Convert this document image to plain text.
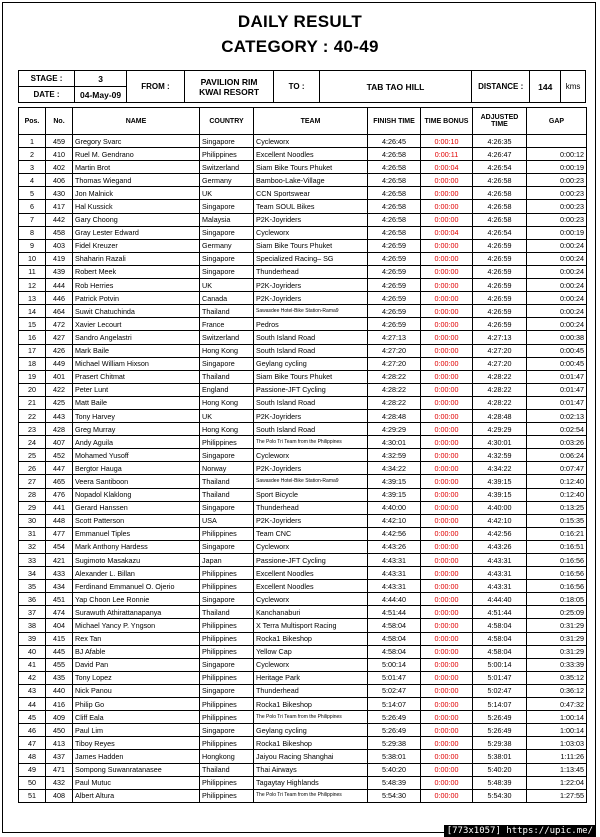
DAILY RESULT
CATEGORY : 40-49
STAGE :	3	FROM :	PAVILION RIM
KWAI RESORT	TO :	TAB TAO HILL	DISTANCE :	144	kms
DATE :	04-May-09							
Pos.	No.	NAME	COUNTRY	TEAM	FINISH TIME	TIME BONUS	ADJUSTED TIME	GAP
1	459	Gregory Svarc	Singapore	Cycleworx	4:26:45	0:00:10	4:26:35	
2	410	Ruel M. Gendrano	Philippines	Excellent Noodles	4:26:58	0:00:11	4:26:47	0:00:12
3	402	Martin Brot	Switzerland	Siam Bike Tours Phuket	4:26:58	0:00:04	4:26:54	0:00:19
4	406	Thomas Wiegand	Germany	Bamboo-Lake-Village	4:26:58	0:00:00	4:26:58	0:00:23
5	430	Jon Malnick	UK	CCN Sportswear	4:26:58	0:00:00	4:26:58	0:00:23
6	417	Hal Kussick	Singapore	Team SOUL Bikes	4:26:58	0:00:00	4:26:58	0:00:23
7	442	Gary Choong	Malaysia	P2K-Joyriders	4:26:58	0:00:00	4:26:58	0:00:23
8	458	Gray Lester Edward	Singapore	Cycleworx	4:26:58	0:00:04	4:26:54	0:00:19
9	403	Fidel Kreuzer	Germany	Siam Bike Tours Phuket	4:26:59	0:00:00	4:26:59	0:00:24
10	419	Shaharin Razali	Singapore	Specialized Racing– SG	4:26:59	0:00:00	4:26:59	0:00:24
11	439	Robert Meek	Singapore	Thunderhead	4:26:59	0:00:00	4:26:59	0:00:24
12	444	Rob Herries	UK	P2K-Joyriders	4:26:59	0:00:00	4:26:59	0:00:24
13	446	Patrick Potvin	Canada	P2K-Joyriders	4:26:59	0:00:00	4:26:59	0:00:24
14	464	Suwit Chatuchinda	Thailand	Sawasdee Hotel-Bike Station-Rama9	4:26:59	0:00:00	4:26:59	0:00:24
15	472	Xavier Lecourt	France	Pedros	4:26:59	0:00:00	4:26:59	0:00:24
16	427	Sandro Angelastri	Switzerland	South Island Road	4:27:13	0:00:00	4:27:13	0:00:38
17	426	Mark Baile	Hong Kong	South Island Road	4:27:20	0:00:00	4:27:20	0:00:45
18	449	Michael William Hixson	Singapore	Geylang cycling	4:27:20	0:00:00	4:27:20	0:00:45
19	401	Prasert Chitmat	Thailand	Siam Bike Tours Phuket	4:28:22	0:00:00	4:28:22	0:01:47
20	422	Peter Lunt	England	Passione-JFT Cycling	4:28:22	0:00:00	4:28:22	0:01:47
21	425	Matt Baile	Hong Kong	South Island Road	4:28:22	0:00:00	4:28:22	0:01:47
22	443	Tony Harvey	UK	P2K-Joyriders	4:28:48	0:00:00	4:28:48	0:02:13
23	428	Greg Murray	Hong Kong	South Island Road	4:29:29	0:00:00	4:29:29	0:02:54
24	407	Andy Aguila	Philippines	The Polo Tri Team from the Philippines	4:30:01	0:00:00	4:30:01	0:03:26
25	452	Mohamed Yusoff	Singapore	Cycleworx	4:32:59	0:00:00	4:32:59	0:06:24
26	447	Bergtor Hauga	Norway	P2K-Joyriders	4:34:22	0:00:00	4:34:22	0:07:47
27	465	Veera Santiboon	Thailand	Sawasdee Hotel-Bike Station-Rama9	4:39:15	0:00:00	4:39:15	0:12:40
28	476	Nopadol Klaklong	Thailand	Sport Bicycle	4:39:15	0:00:00	4:39:15	0:12:40
29	441	Gerard Hanssen	Singapore	Thunderhead	4:40:00	0:00:00	4:40:00	0:13:25
30	448	Scott Patterson	USA	P2K-Joyriders	4:42:10	0:00:00	4:42:10	0:15:35
31	477	Emmanuel Tiples	Philippines	Team CNC	4:42:56	0:00:00	4:42:56	0:16:21
32	454	Mark Anthony Hardess	Singapore	Cycleworx	4:43:26	0:00:00	4:43:26	0:16:51
33	421	Sugimoto Masakazu	Japan	Passione-JFT Cycling	4:43:31	0:00:00	4:43:31	0:16:56
34	433	Alexander L. Billan	Philippines	Excellent Noodles	4:43:31	0:00:00	4:43:31	0:16:56
35	434	Ferdinand Emmanuel O. Ojerio	Philippines	Excellent Noodles	4:43:31	0:00:00	4:43:31	0:16:56
36	451	Yap Choon Lee Ronnie	Singapore	Cycleworx	4:44:40	0:00:00	4:44:40	0:18:05
37	474	Surawuth Athirattanapanya	Thailand	Kanchanaburi	4:51:44	0:00:00	4:51:44	0:25:09
38	404	Michael Yancy P. Yngson	Philippines	X Terra Multisport Racing	4:58:04	0:00:00	4:58:04	0:31:29
39	415	Rex Tan	Philippines	Rocka1 Bikeshop	4:58:04	0:00:00	4:58:04	0:31:29
40	445	BJ Afable	Philippines	Yellow Cap	4:58:04	0:00:00	4:58:04	0:31:29
41	455	David Pan	Singapore	Cycleworx	5:00:14	0:00:00	5:00:14	0:33:39
42	435	Tony Lopez	Philippines	Heritage Park	5:01:47	0:00:00	5:01:47	0:35:12
43	440	Nick Panou	Singapore	Thunderhead	5:02:47	0:00:00	5:02:47	0:36:12
44	416	Philip Go	Philippines	Rocka1 Bikeshop	5:14:07	0:00:00	5:14:07	0:47:32
45	409	Cliff Eala	Philippines	The Polo Tri Team from the Philippines	5:26:49	0:00:00	5:26:49	1:00:14
46	450	Paul Lim	Singapore	Geylang cycling	5:26:49	0:00:00	5:26:49	1:00:14
47	413	Tiboy Reyes	Philippines	Rocka1 Bikeshop	5:29:38	0:00:00	5:29:38	1:03:03
48	437	James Hadden	Hongkong	Jaiyou Racing Shanghai	5:38:01	0:00:00	5:38:01	1:11:26
49	471	Sompong Suwanratanasee	Thailand	Thai Airways	5:40:20	0:00:00	5:40:20	1:13:45
50	432	Paul Mutuc	Philippines	Tagaytay Highlands	5:48:39	0:00:00	5:48:39	1:22:04
51	408	Albert Altura	Philippines	The Polo Tri Team from the Philippines	5:54:30	0:00:00	5:54:30	1:27:55
[773x1057] https://upic.me/
